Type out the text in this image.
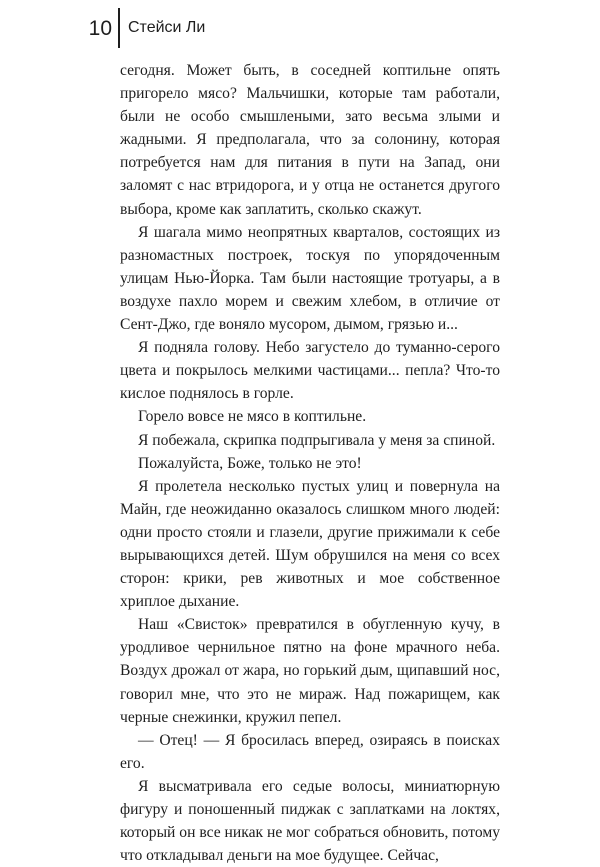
10	Стейси Ли

сегодня. Может быть, в соседней коптильне опять пригорело мясо? Мальчишки, которые там работали, были не особо смышлеными, зато весьма злыми и жадными. Я предполагала, что за солонину, которая потребуется нам для питания в пути на Запад, они заломят с нас втридорога, и у отца не останется другого выбора, кроме как заплатить, сколько скажут.

Я шагала мимо неопрятных кварталов, состоящих из разномастных построек, тоскуя по упорядоченным улицам Нью-Йорка. Там были настоящие тротуары, а в воздухе пахло морем и свежим хлебом, в отличие от Сент-Джо, где воняло мусором, дымом, грязью и...

Я подняла голову. Небо загустело до туманно-серого цвета и покрылось мелкими частицами... пепла? Что-то кислое поднялось в горле.

Горело вовсе не мясо в коптильне.

Я побежала, скрипка подпрыгивала у меня за спиной.

Пожалуйста, Боже, только не это!

Я пролетела несколько пустых улиц и повернула на Майн, где неожиданно оказалось слишком много людей: одни просто стояли и глазели, другие прижимали к себе вырывающихся детей. Шум обрушился на меня со всех сторон: крики, рев животных и мое собственное хриплое дыхание.

Наш «Свисток» превратился в обугленную кучу, в уродливое чернильное пятно на фоне мрачного неба. Воздух дрожал от жара, но горький дым, щипавший нос, говорил мне, что это не мираж. Над пожарищем, как черные снежинки, кружил пепел.

— Отец! — Я бросилась вперед, озираясь в поисках его.

Я высматривала его седые волосы, миниатюрную фигуру и поношенный пиджак с заплатками на локтях, который он все никак не мог собраться обновить, потому что откладывал деньги на мое будущее. Сейчас,
